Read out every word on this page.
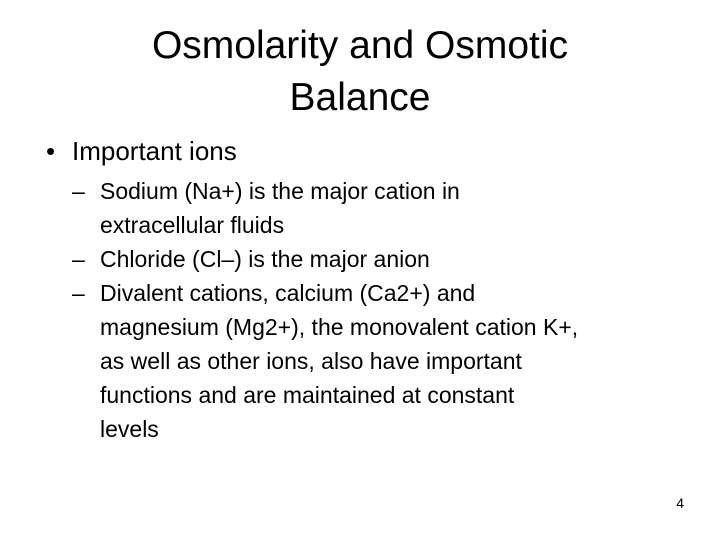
Osmolarity and Osmotic
Balance

• Important ions

– Sodium (Na+) is the major cation in
extracellular fluids
– Chloride (Cl–) is the major anion
– Divalent cations, calcium (Ca2+) and
magnesium (Mg2+), the monovalent cation K+,
as well as other ions, also have important
functions and are maintained at constant
levels
4
